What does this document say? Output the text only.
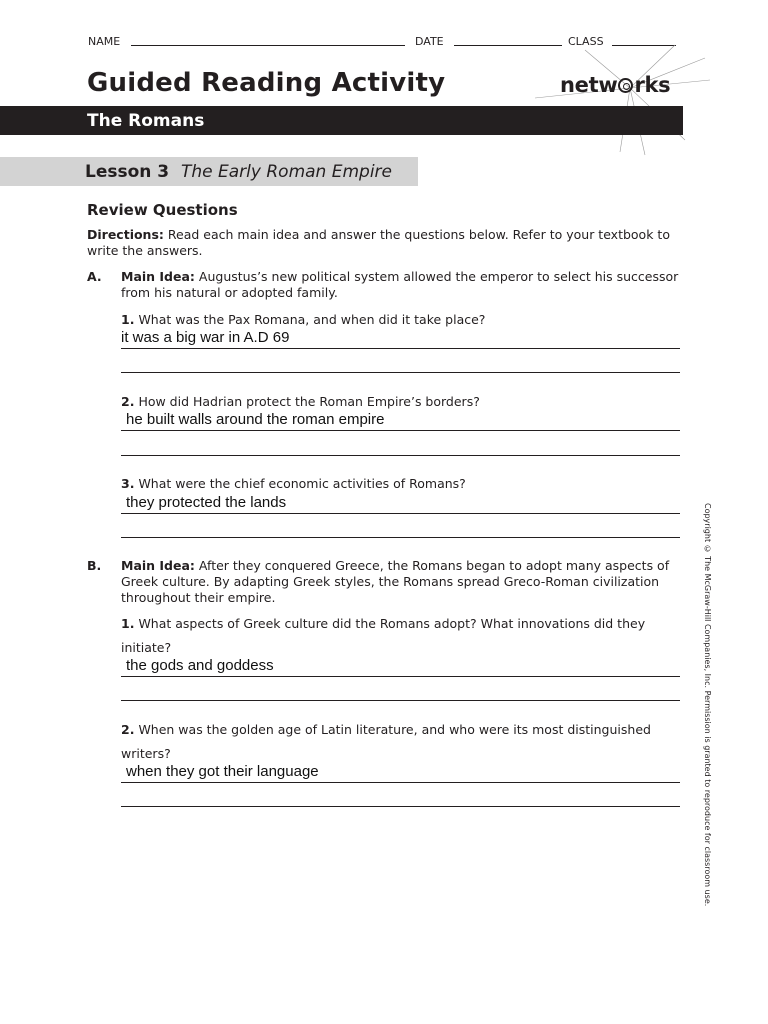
NAME	DATE	CLASS
Guided Reading Activity	netw rks
The Romans
Lesson 3 The Early Roman Empire
Review Questions
Directions: Read each main idea and answer the questions below. Refer to your textbook to write the answers.
A. Main Idea: Augustus’s new political system allowed the emperor to select his successor from his natural or adopted family.
1. What was the Pax Romana, and when did it take place?
it was a big war in A.D 69
2. How did Hadrian protect the Roman Empire’s borders?
he built walls around the roman empire
3. What were the chief economic activities of Romans?
they protected the lands
B. Main Idea: After they conquered Greece, the Romans began to adopt many aspects of Greek culture. By adapting Greek styles, the Romans spread Greco-Roman civilization throughout their empire.
1. What aspects of Greek culture did the Romans adopt? What innovations did they initiate?
the gods and goddess
2. When was the golden age of Latin literature, and who were its most distinguished writers?
when they got their language	Copyright © The McGraw-Hill Companies, Inc. Permission is granted to reproduce for classroom use.
